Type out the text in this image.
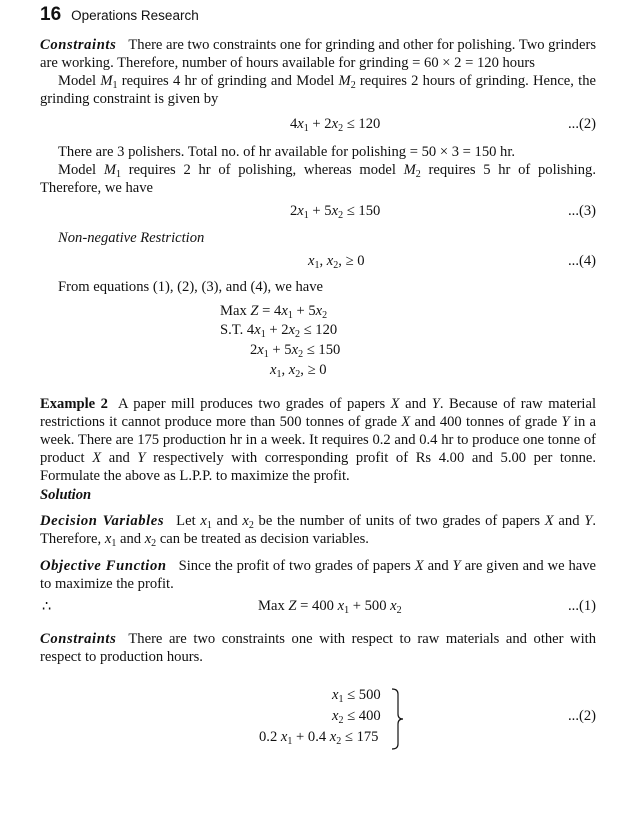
16 Operations Research
Constraints There are two constraints one for grinding and other for polishing. Two grinders are working. Therefore, number of hours available for grinding = 60 × 2 = 120 hours
Model $M_1$ requires 4 hr of grinding and Model $M_2$ requires 2 hours of grinding. Hence, the grinding constraint is given by
$4x_1 + 2x_2 \le 120$	...(2)
There are 3 polishers. Total no. of hr available for polishing = 50 × 3 = 150 hr.
Model $M_1$ requires 2 hr of polishing, whereas model $M_2$ requires 5 hr of polishing. Therefore, we have
$2x_1 + 5x_2 \le 150$	...(3)
Non-negative Restriction
$x_1$, $x_2$, ≥ 0	...(4)
From equations (1), (2), (3), and (4), we have
Max $Z = 4x_1 + 5x_2$
S.T. $4x_1 + 2x_2 \le 120$
$2x_1 + 5x_2 \le 150$
$x_1$, $x_2$, ≥ 0
Example 2 A paper mill produces two grades of papers X and Y. Because of raw material restrictions it cannot produce more than 500 tonnes of grade X and 400 tonnes of grade Y in a week. There are 175 production hr in a week. It requires 0.2 and 0.4 hr to produce one tonne of product X and Y respectively with corresponding profit of Rs 4.00 and 5.00 per tonne. Formulate the above as L.P.P. to maximize the profit.
Solution
Decision Variables Let $x_1$ and $x_2$ be the number of units of two grades of papers X and Y. Therefore, $x_1$ and $x_2$ can be treated as decision variables.
Objective Function Since the profit of two grades of papers X and Y are given and we have to maximize the profit.
∴	Max Z = 400 $x_1 + 500$ $x_2$	...(1)
Constraints There are two constraints one with respect to raw materials and other with respect to production hours.
$x_1 \le 500$
$x_2 \le 400$
0.2 $x_1 + 0.4$ $x_2 \le 175$
...(2)
